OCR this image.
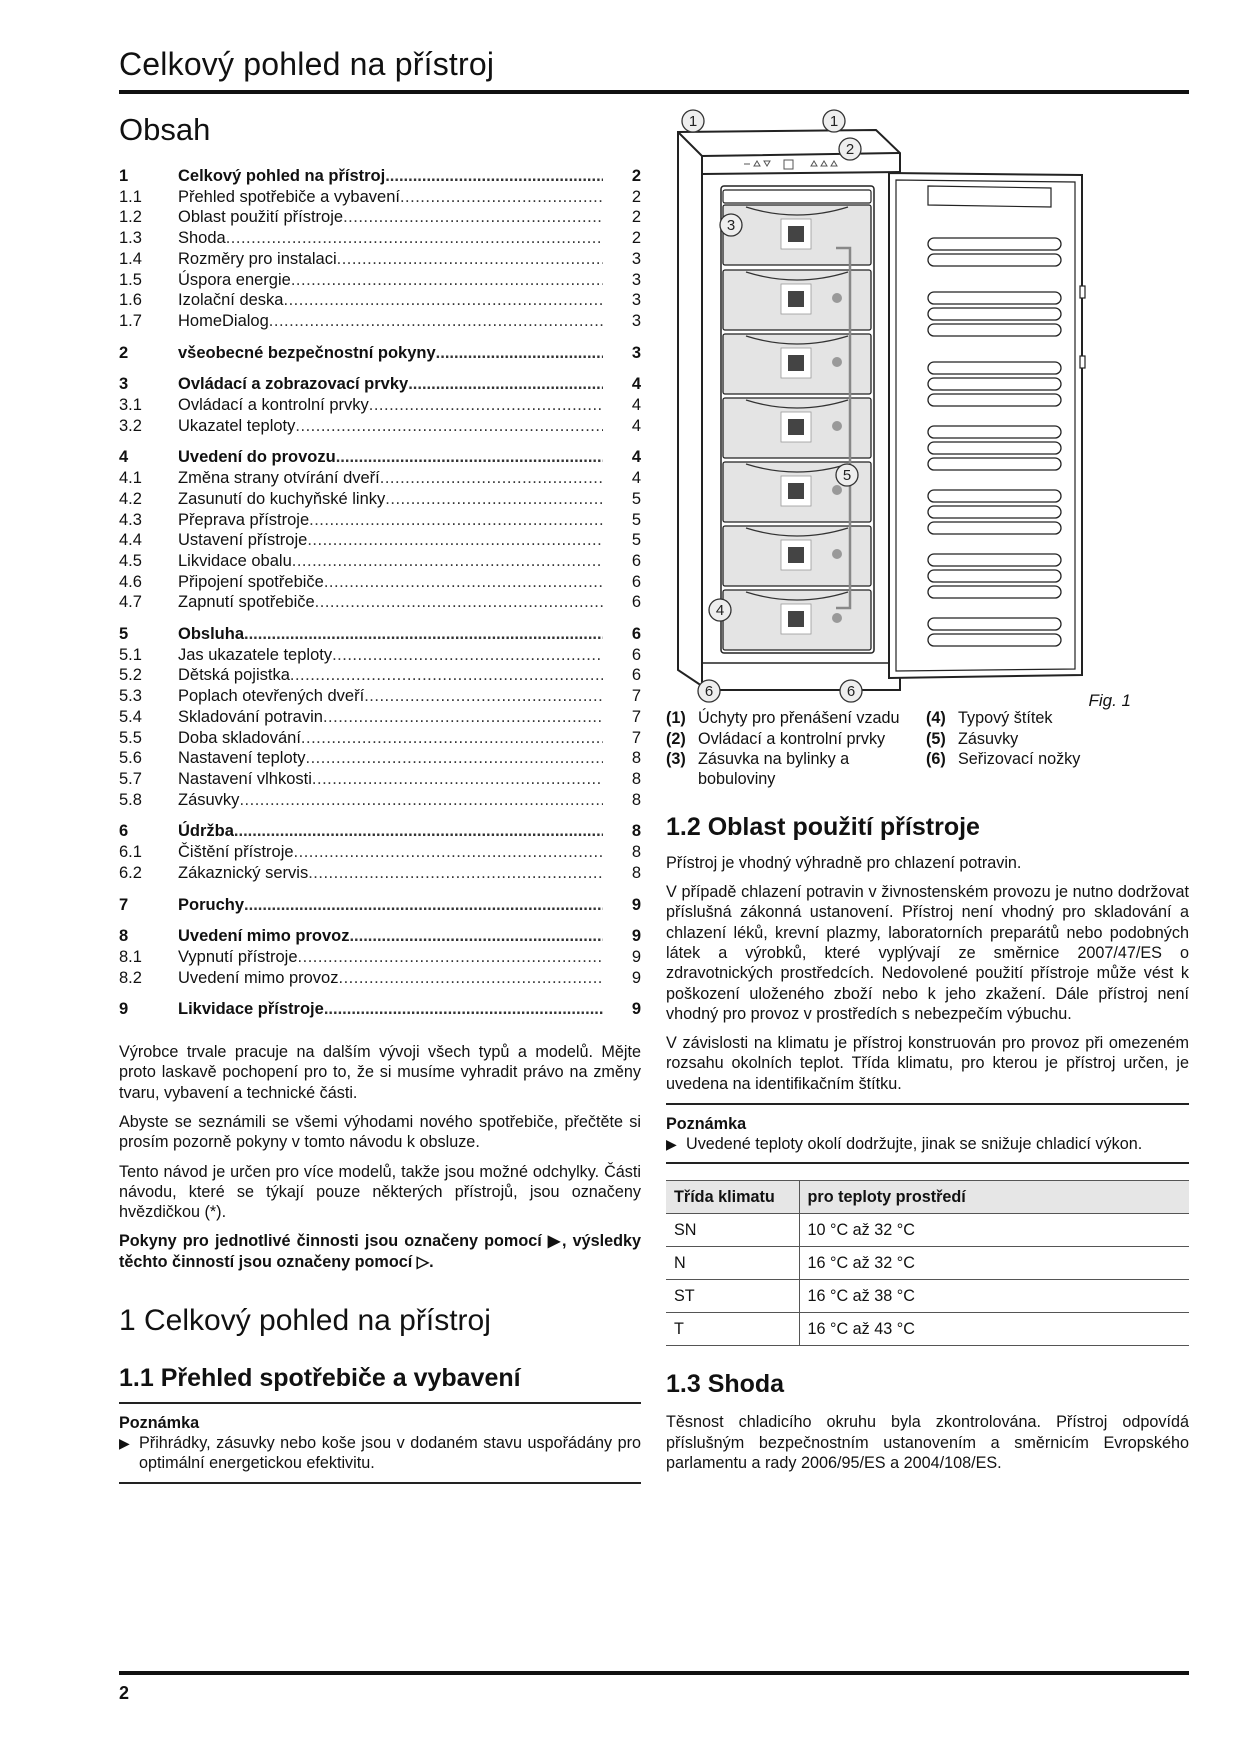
Celkový pohled na přístroj
Obsah
1	Celkový pohled na přístroj .....	2
1.1	Přehled spotřebiče a vybavení .....	2
1.2	Oblast použití přístroje .....	2
1.3	Shoda .....	2
1.4	Rozměry pro instalaci .....	3
1.5	Úspora energie .....	3
1.6	Izolační deska .....	3
1.7	HomeDialog .....	3
2	všeobecné bezpečnostní pokyny .....	3
3	Ovládací a zobrazovací prvky .....	4
3.1	Ovládací a kontrolní prvky .....	4
3.2	Ukazatel teploty .....	4
4	Uvedení do provozu .....	4
4.1	Změna strany otvírání dveří .....	4
4.2	Zasunutí do kuchyňské linky .....	5
4.3	Přeprava přístroje .....	5
4.4	Ustavení přístroje .....	5
4.5	Likvidace obalu .....	6
4.6	Připojení spotřebiče .....	6
4.7	Zapnutí spotřebiče .....	6
5	Obsluha .....	6
5.1	Jas ukazatele teploty .....	6
5.2	Dětská pojistka .....	6
5.3	Poplach otevřených dveří .....	7
5.4	Skladování potravin .....	7
5.5	Doba skladování .....	7
5.6	Nastavení teploty .....	8
5.7	Nastavení vlhkosti .....	8
5.8	Zásuvky .....	8
6	Údržba .....	8
6.1	Čištění přístroje .....	8
6.2	Zákaznický servis .....	8
7	Poruchy .....	9
8	Uvedení mimo provoz .....	9
8.1	Vypnutí přístroje .....	9
8.2	Uvedení mimo provoz .....	9
9	Likvidace přístroje .....	9

Výrobce trvale pracuje na dalším vývoji všech typů a modelů. Mějte proto laskavě pochopení pro to, že si musíme vyhradit právo na změny tvaru, vybavení a technické části.

Abyste se seznámili se všemi výhodami nového spotřebiče, přečtěte si prosím pozorně pokyny v tomto návodu k obsluze.

Tento návod je určen pro více modelů, takže jsou možné odchylky. Části návodu, které se týkají pouze některých přístrojů, jsou označeny hvězdičkou (*).

Pokyny pro jednotlivé činnosti jsou označeny pomocí ▶, výsledky těchto činností jsou označeny pomocí ▷.

1 Celkový pohled na přístroj
1.1 Přehled spotřebiče a vybavení
Poznámka
▶ Přihrádky, zásuvky nebo koše jsou v dodaném stavu uspořádány pro optimální energetickou efektivitu.
1	1
2
3
4
5
6	6	Fig. 1
(1) Úchyty pro přenášení vzadu	(4) Typový štítek
(2) Ovládací a kontrolní prvky	(5) Zásuvky
(3) Zásuvka na bylinky a bobuloviny
(6) Seřizovací nožky
1.2 Oblast použití přístroje

Přístroj je vhodný výhradně pro chlazení potravin.

V případě chlazení potravin v živnostenském provozu je nutno dodržovat příslušná zákonná ustanovení. Přístroj není vhodný pro skladování a chlazení léků, krevní plazmy, laboratorních preparátů nebo podobných látek a výrobků, které vyplývají ze směrnice 2007/47/ES o zdravotnických prostředcích. Nedovolené použití přístroje může vést k poškození uloženého zboží nebo k jeho zkažení. Dále přístroj není vhodný pro provoz v prostředích s nebezpečím výbuchu.

V závislosti na klimatu je přístroj konstruován pro provoz při omezeném rozsahu okolních teplot. Třída klimatu, pro kterou je přístroj určen, je uvedena na identifikačním štítku.

Poznámka
▶ Uvedené teploty okolí dodržujte, jinak se snižuje chladicí výkon.
Třída klimatu	pro teploty prostředí
SN	10 °C až 32 °C
N	16 °C až 32 °C
ST	16 °C až 38 °C
T	16 °C až 43 °C
1.3 Shoda

Těsnost chladicího okruhu byla zkontrolována. Přístroj odpovídá příslušným bezpečnostním ustanovením a směrnicím Evropského parlamentu a rady 2006/95/ES a 2004/108/ES.

2
